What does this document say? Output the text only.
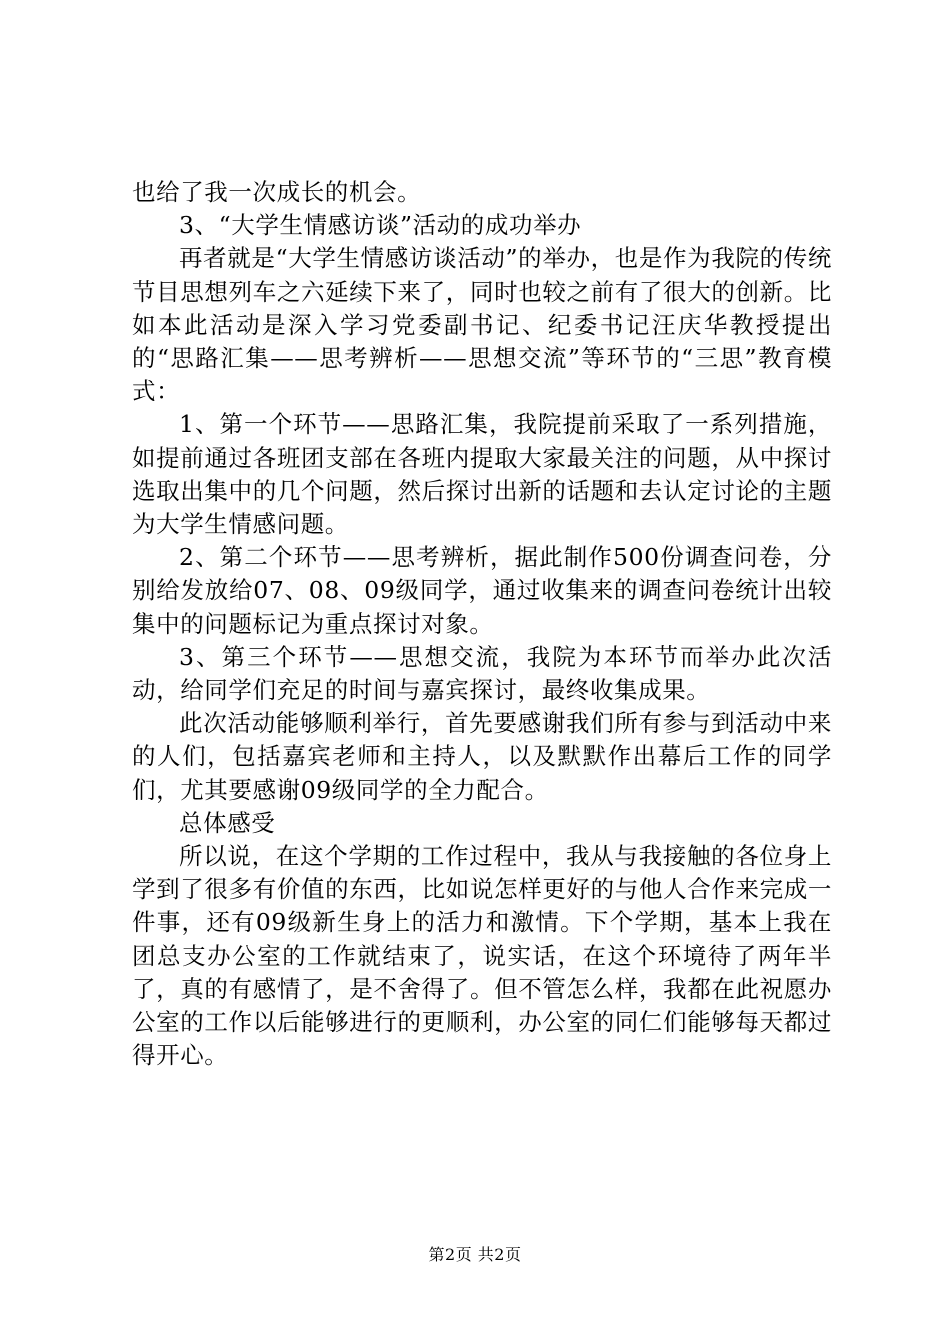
也给了我一次成长的机会。

3、“大学生情感访谈”活动的成功举办

再者就是“大学生情感访谈活动”的举办，也是作为我院的传统节目思想列车之六延续下来了，同时也较之前有了很大的创新。比如本此活动是深入学习党委副书记、纪委书记汪庆华教授提出的“思路汇集——思考辨析——思想交流”等环节的“三思”教育模式：

1、第一个环节——思路汇集，我院提前采取了一系列措施，如提前通过各班团支部在各班内提取大家最关注的问题，从中探讨选取出集中的几个问题，然后探讨出新的话题和去认定讨论的主题为大学生情感问题。

2、第二个环节——思考辨析，据此制作500份调查问卷，分别给发放给07、08、09级同学，通过收集来的调查问卷统计出较集中的问题标记为重点探讨对象。

3、第三个环节——思想交流，我院为本环节而举办此次活动，给同学们充足的时间与嘉宾探讨，最终收集成果。

此次活动能够顺利举行，首先要感谢我们所有参与到活动中来的人们，包括嘉宾老师和主持人，以及默默作出幕后工作的同学们，尤其要感谢09级同学的全力配合。

总体感受

所以说，在这个学期的工作过程中，我从与我接触的各位身上学到了很多有价值的东西，比如说怎样更好的与他人合作来完成一件事，还有09级新生身上的活力和激情。下个学期，基本上我在团总支办公室的工作就结束了，说实话，在这个环境待了两年半了，真的有感情了，是不舍得了。但不管怎么样，我都在此祝愿办公室的工作以后能够进行的更顺利，办公室的同仁们能够每天都过得开心。

第2页 共2页
